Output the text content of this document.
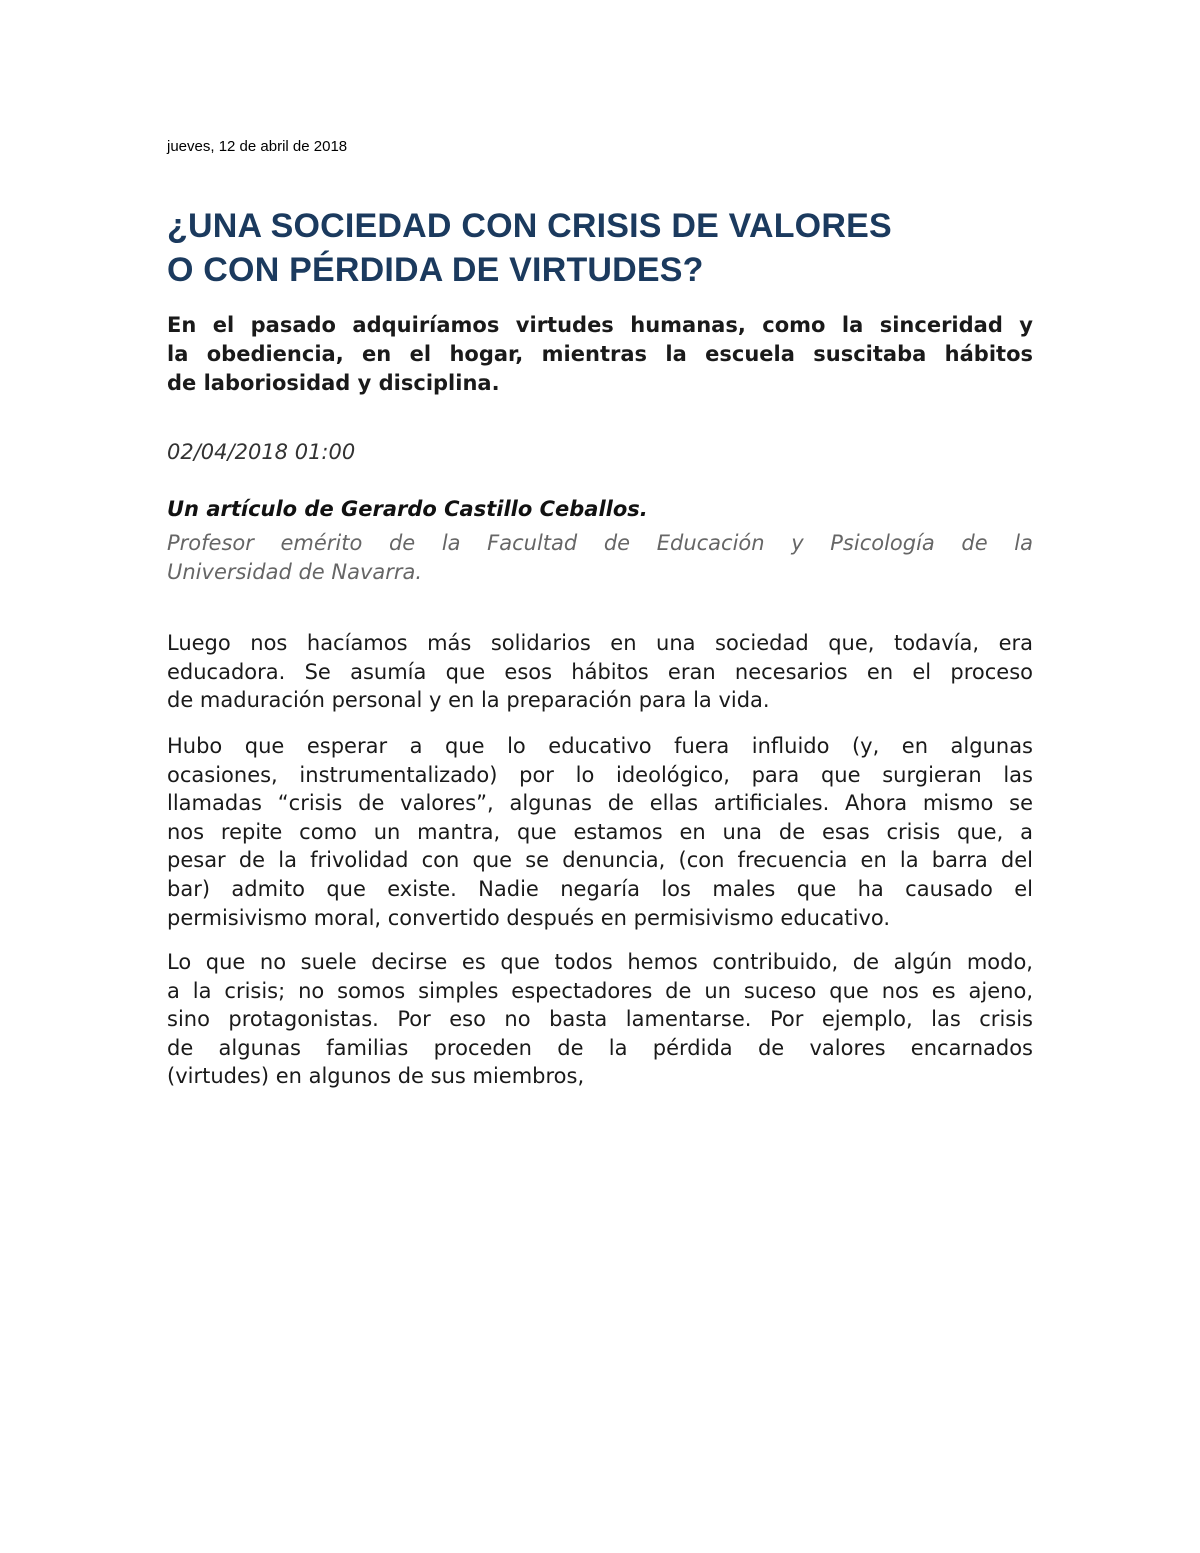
jueves, 12 de abril de 2018
¿UNA SOCIEDAD CON CRISIS DE VALORES
O CON PÉRDIDA DE VIRTUDES?

En el pasado adquiríamos virtudes humanas, como la sinceridad y
la obediencia, en el hogar, mientras la escuela suscitaba hábitos
de laboriosidad y disciplina.

02/04/2018 01:00
Un artículo de Gerardo Castillo Ceballos.
Profesor emérito de la Facultad de Educación y Psicología de la
Universidad de Navarra.

Luego nos hacíamos más solidarios en una sociedad que, todavía, era
educadora. Se asumía que esos hábitos eran necesarios en el proceso
de maduración personal y en la preparación para la vida.

Hubo que esperar a que lo educativo fuera influido (y, en algunas
ocasiones, instrumentalizado) por lo ideológico, para que surgieran las
llamadas “crisis de valores”, algunas de ellas artificiales. Ahora mismo se
nos repite como un mantra, que estamos en una de esas crisis que, a
pesar de la frivolidad con que se denuncia, (con frecuencia en la barra del
bar) admito que existe. Nadie negaría los males que ha causado el
permisivismo moral, convertido después en permisivismo educativo.

Lo que no suele decirse es que todos hemos contribuido, de algún modo,
a la crisis; no somos simples espectadores de un suceso que nos es ajeno,
sino protagonistas. Por eso no basta lamentarse. Por ejemplo, las crisis
de algunas familias proceden de la pérdida de valores encarnados
(virtudes) en algunos de sus miembros,
